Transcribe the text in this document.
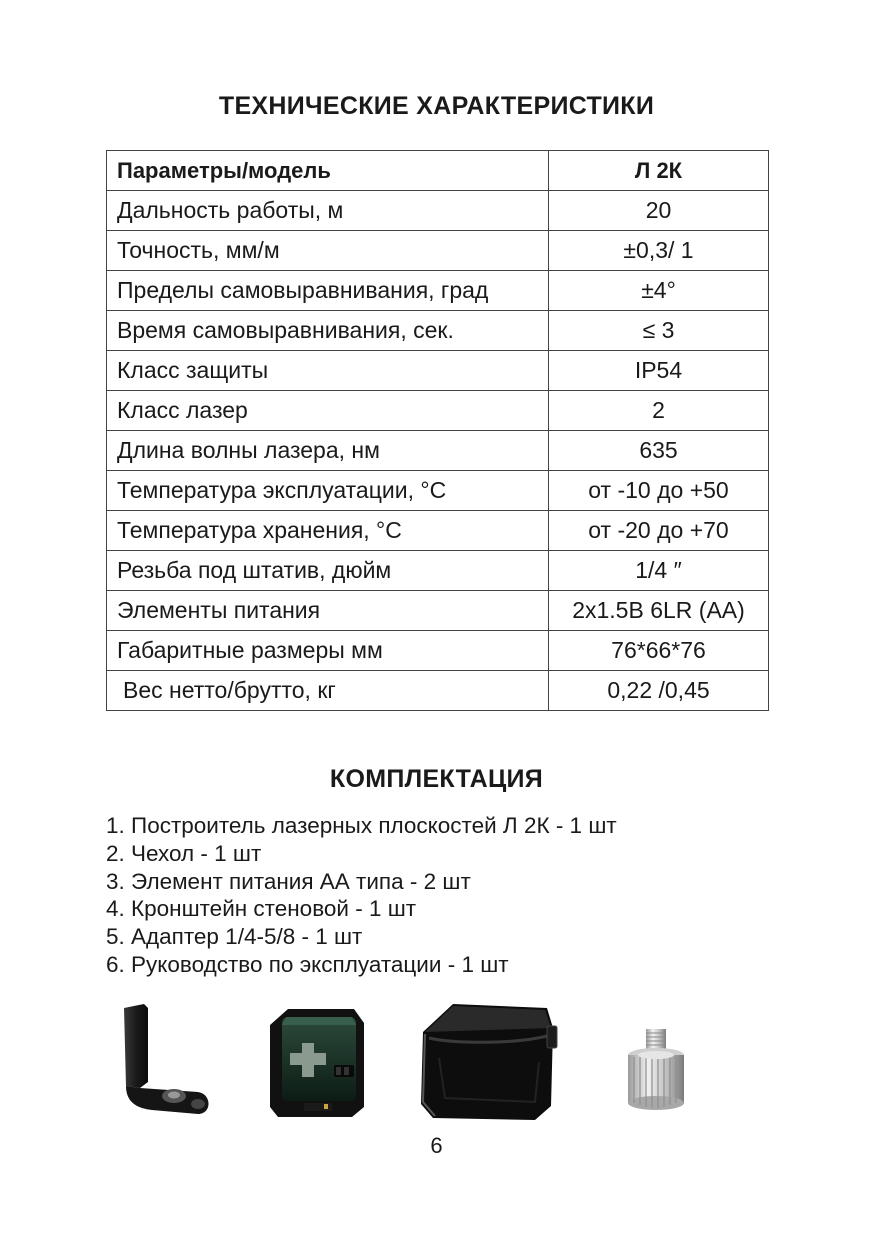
ТЕХНИЧЕСКИЕ ХАРАКТЕРИСТИКИ
Параметры/модель	Л 2К
Дальность работы, м	20
Точность, мм/м	±0,3/ 1
Пределы самовыравнивания, град	±4°
Время самовыравнивания, сек.	≤ 3
Класс защиты	IP54
Класс лазер	2
Длина волны лазера, нм	635
Температура эксплуатации, °С	от -10 до +50
Температура хранения, °С	от -20 до +70
Резьба под штатив, дюйм	1/4 ″
Элементы питания	2х1.5В 6LR (АА)
Габаритные размеры мм	76*66*76
Вес нетто/брутто, кг	0,22 /0,45
КОМПЛЕКТАЦИЯ
1. Построитель лазерных плоскостей Л 2К - 1 шт
2. Чехол - 1 шт
3. Элемент питания АА типа - 2 шт
4. Кронштейн стеновой - 1 шт
5. Адаптер 1/4-5/8 - 1 шт
6. Руководство по эксплуатации - 1 шт
6
